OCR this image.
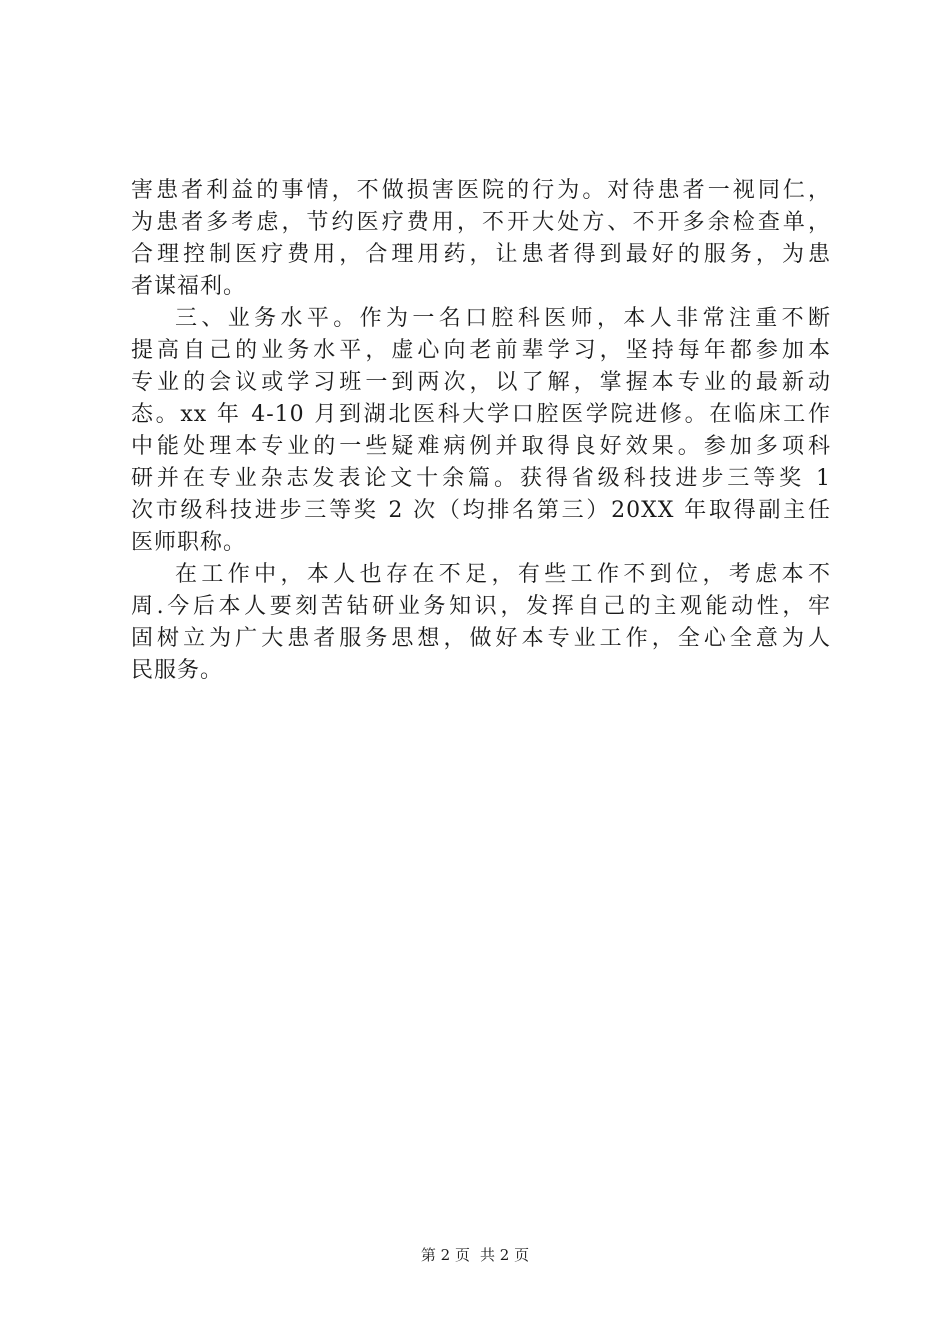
害患者利益的事情，不做损害医院的行为。对待患者一视同仁，
为患者多考虑，节约医疗费用，不开大处方、不开多余检查单，
合理控制医疗费用，合理用药，让患者得到最好的服务，为患
者谋福利。
三、业务水平。作为一名口腔科医师，本人非常注重不断
提高自己的业务水平，虚心向老前辈学习，坚持每年都参加本
专业的会议或学习班一到两次，以了解，掌握本专业的最新动
态。xx 年 4-10 月到湖北医科大学口腔医学院进修。在临床工作
中能处理本专业的一些疑难病例并取得良好效果。参加多项科
研并在专业杂志发表论文十余篇。获得省级科技进步三等奖 1
次市级科技进步三等奖 2 次（均排名第三）20XX 年取得副主任
医师职称。
在工作中，本人也存在不足，有些工作不到位，考虑本不
周.今后本人要刻苦钻研业务知识，发挥自己的主观能动性，牢
固树立为广大患者服务思想，做好本专业工作，全心全意为人
民服务。
第 2 页 共 2 页
